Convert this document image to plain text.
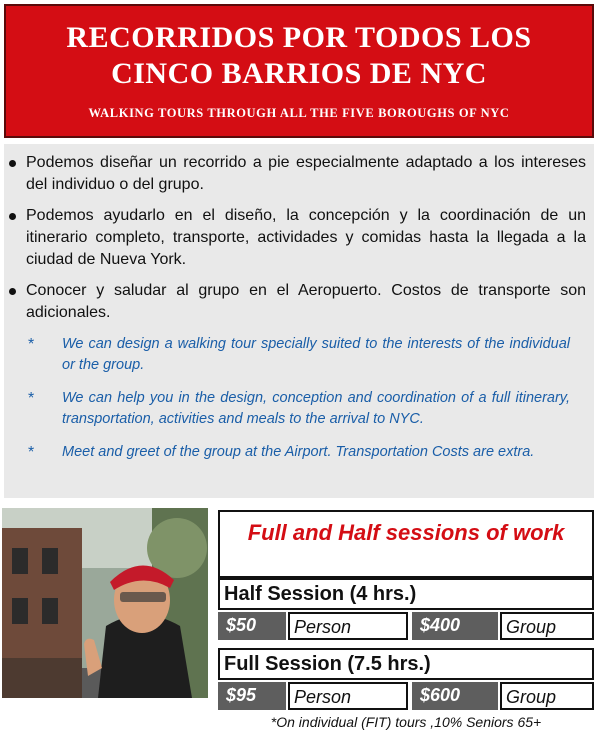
RECORRIDOS POR TODOS LOS
CINCO BARRIOS DE NYC
WALKING TOURS THROUGH ALL THE FIVE BOROUGHS OF NYC
Podemos diseñar un recorrido a pie especialmente adaptado a los intereses del individuo o del grupo.
Podemos ayudarlo en el diseño, la concepción y la coordinación de un itinerario completo, transporte, actividades y comidas hasta la llegada a la ciudad de Nueva York.
Conocer y saludar al grupo en el Aeropuerto. Costos de transporte son adicionales.
* We can design a walking tour specially suited to the interests of the individual or the group.
* We can help you in the design, conception and coordination of a full itinerary, transportation, activities and meals to the arrival to NYC.
* Meet and greet of the group at the Airport. Transportation Costs are extra.
Full and Half sessions of work
Half Session (4 hrs.)
$50	Person	$400	Group
Full Session (7.5 hrs.)
$95	Person	$600	Group
*On individual (FIT) tours ,10% Seniors 65+
